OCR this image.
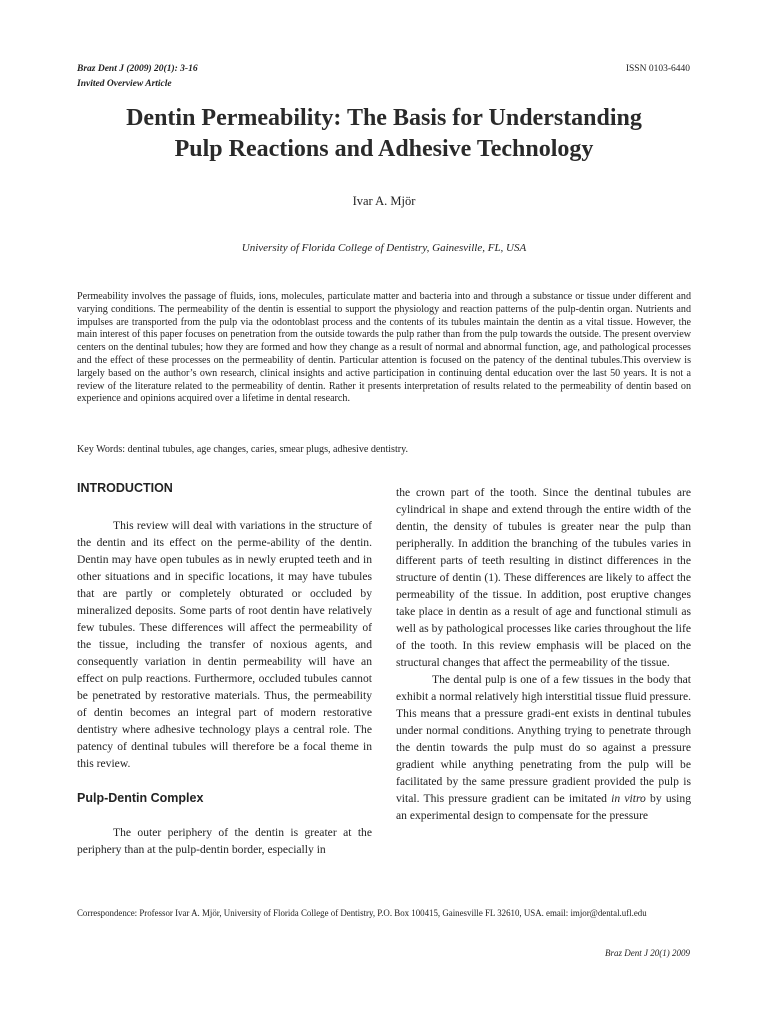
Braz Dent J (2009) 20(1): 3-16
Invited Overview Article
ISSN 0103-6440
Dentin Permeability: The Basis for Understanding
Pulp Reactions and Adhesive Technology
Ivar A. Mjör
University of Florida College of Dentistry, Gainesville, FL, USA

Permeability involves the passage of fluids, ions, molecules, particulate matter and bacteria into and through a substance or tissue under different and varying conditions. The permeability of the dentin is essential to support the physiology and reaction patterns of the pulp-dentin organ. Nutrients and impulses are transported from the pulp via the odontoblast process and the contents of its tubules maintain the dentin as a vital tissue. However, the main interest of this paper focuses on penetration from the outside towards the pulp rather than from the pulp towards the outside. The present overview centers on the dentinal tubules; how they are formed and how they change as a result of normal and abnormal function, age, and pathological processes and the effect of these processes on the permeability of dentin. Particular attention is focused on the patency of the dentinal tubules.This overview is largely based on the author’s own research, clinical insights and active participation in continuing dental education over the last 50 years. It is not a review of the literature related to the permeability of dentin. Rather it presents interpretation of results related to the permeability of dentin based on experience and opinions acquired over a lifetime in dental research.

Key Words: dentinal tubules, age changes, caries, smear plugs, adhesive dentistry.

INTRODUCTION

This review will deal with variations in the structure of the dentin and its effect on the perme-ability of the dentin. Dentin may have open tubules as in newly erupted teeth and in other situations and in specific locations, it may have tubules that are partly or completely obturated or occluded by mineralized deposits. Some parts of root dentin have relatively few tubules. These differences will affect the permeability of the tissue, including the transfer of noxious agents, and consequently variation in dentin permeability will have an effect on pulp reactions. Furthermore, occluded tubules cannot be penetrated by restorative materials. Thus, the permeability of dentin becomes an integral part of modern restorative dentistry where adhesive technology plays a central role. The patency of dentinal tubules will therefore be a focal theme in this review.

Pulp-Dentin Complex

The outer periphery of the dentin is greater at the periphery than at the pulp-dentin border, especially in

the crown part of the tooth. Since the dentinal tubules are cylindrical in shape and extend through the entire width of the dentin, the density of tubules is greater near the pulp than peripherally. In addition the branching of the tubules varies in different parts of teeth resulting in distinct differences in the structure of dentin (1). These differences are likely to affect the permeability of the tissue. In addition, post eruptive changes take place in dentin as a result of age and functional stimuli as well as by pathological processes like caries throughout the life of the tooth. In this review emphasis will be placed on the structural changes that affect the permeability of the tissue.

The dental pulp is one of a few tissues in the body that exhibit a normal relatively high interstitial tissue fluid pressure. This means that a pressure gradi-ent exists in dentinal tubules under normal conditions. Anything trying to penetrate through the dentin towards the pulp must do so against a pressure gradient while anything penetrating from the pulp will be facilitated by the same pressure gradient provided the pulp is vital. This pressure gradient can be imitated in vitro by using an experimental design to compensate for the pressure

Correspondence: Professor Ivar A. Mjör, University of Florida College of Dentistry, P.O. Box 100415, Gainesville FL 32610, USA. email: imjor@dental.ufl.edu
Braz Dent J 20(1) 2009
